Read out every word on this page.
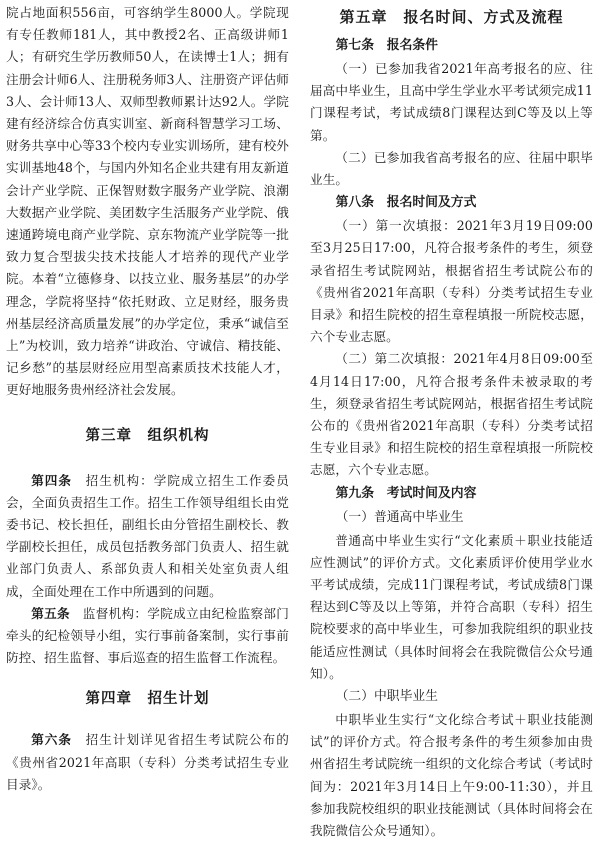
院占地面积556亩，可容纳学生8000人。学院现有专任教师181人，其中教授2名、正高级讲师1人；有研究生学历教师50人，在读博士1人；拥有注册会计师6人、注册税务师3人、注册资产评估师3人、会计师13人、双师型教师累计达92人。学院建有经济综合仿真实训室、新商科智慧学习工场、财务共享中心等33个校内专业实训场所，建有校外实训基地48个，与国内外知名企业共建有用友新道会计产业学院、正保智财数字服务产业学院、浪潮大数据产业学院、美团数字生活服务产业学院、俄速通跨境电商产业学院、京东物流产业学院等一批致力复合型拔尖技术技能人才培养的现代产业学院。本着“立德修身、以技立业、服务基层”的办学理念，学院将坚持“依托财政、立足财经，服务贵州基层经济高质量发展”的办学定位，秉承“诚信至上”为校训，致力培养“讲政治、守诚信、精技能、记乡愁”的基层财经应用型高素质技术技能人才，更好地服务贵州经济社会发展。

第三章　组织机构

第四条　招生机构：学院成立招生工作委员会，全面负责招生工作。招生工作领导组组长由党委书记、校长担任，副组长由分管招生副校长、教学副校长担任，成员包括教务部门负责人、招生就业部门负责人、系部负责人和相关处室负责人组成，全面处理在工作中所遇到的问题。

第五条　监督机构：学院成立由纪检监察部门牵头的纪检领导小组，实行事前备案制，实行事前防控、招生监督、事后巡查的招生监督工作流程。

第四章　招生计划

第六条　招生计划详见省招生考试院公布的《贵州省2021年高职（专科）分类考试招生专业目录》。

第五章　报名时间、方式及流程

第七条　报名条件

（一）已参加我省2021年高考报名的应、往届高中毕业生，且高中学生学业水平考试须完成11门课程考试，考试成绩8门课程达到C等及以上等第。

（二）已参加我省高考报名的应、往届中职毕业生。

第八条　报名时间及方式

（一）第一次填报：2021年3月19日09:00至3月25日17:00，凡符合报考条件的考生，须登录省招生考试院网站，根据省招生考试院公布的《贵州省2021年高职（专科）分类考试招生专业目录》和招生院校的招生章程填报一所院校志愿，六个专业志愿。

（二）第二次填报：2021年4月8日09:00至4月14日17:00，凡符合报考条件未被录取的考生，须登录省招生考试院网站，根据省招生考试院公布的《贵州省2021年高职（专科）分类考试招生专业目录》和招生院校的招生章程填报一所院校志愿，六个专业志愿。

第九条　考试时间及内容

（一）普通高中毕业生

普通高中毕业生实行“文化素质＋职业技能适应性测试”的评价方式。文化素质评价使用学业水平考试成绩，完成11门课程考试，考试成绩8门课程达到C等及以上等第，并符合高职（专科）招生院校要求的高中毕业生，可参加我院组织的职业技能适应性测试（具体时间将会在我院微信公众号通知）。

（二）中职毕业生

中职毕业生实行“文化综合考试＋职业技能测试”的评价方式。符合报考条件的考生须参加由贵州省招生考试院统一组织的文化综合考试（考试时间为：2021年3月14日上午9:00-11:30），并且参加我院校组织的职业技能测试（具体时间将会在我院微信公众号通知）。
